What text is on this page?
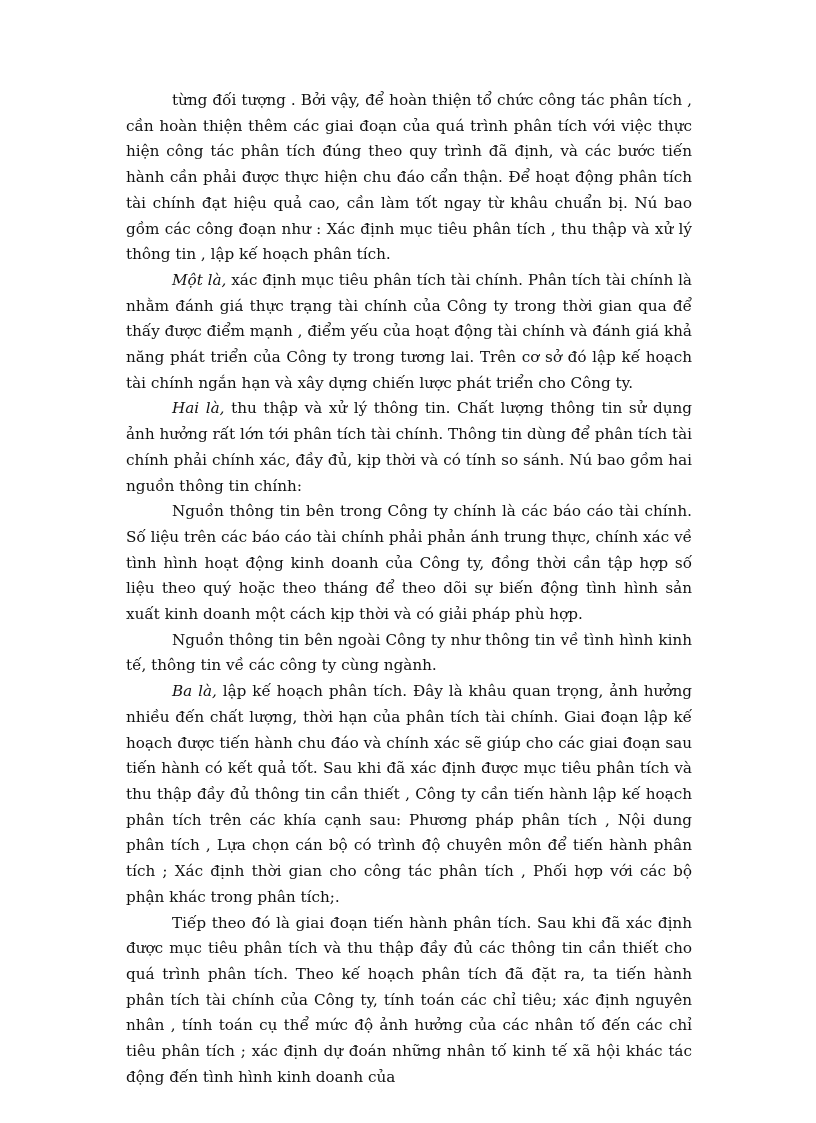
từng đối tượng . Bởi vậy, để hoàn thiện tổ chức công tác phân tích , cần hoàn thiện thêm các giai đoạn của quá trình phân tích với việc thực hiện công tác phân tích đúng theo quy trình đã định, và các bước tiến hành cần phải được thực hiện chu đáo cẩn thận. Để hoạt động phân tích tài chính đạt hiệu quả cao, cần làm tốt ngay từ khâu chuẩn bị. Nú bao gồm các công đoạn như : Xác định mục tiêu phân tích , thu thập và xử lý thông tin , lập kế hoạch phân tích.

Một là, xác định mục tiêu phân tích tài chính. Phân tích tài chính là nhằm đánh giá thực trạng tài chính của Công ty trong thời gian qua để thấy được điểm mạnh , điểm yếu của hoạt động tài chính và đánh giá khả năng phát triển của Công ty trong tương lai. Trên cơ sở đó lập kế hoạch tài chính ngắn hạn và xây dựng chiến lược phát triển cho Công ty.

Hai là, thu thập và xử lý thông tin. Chất lượng thông tin sử dụng ảnh hưởng rất lớn tới phân tích tài chính. Thông tin dùng để phân tích tài chính phải chính xác, đầy đủ, kịp thời và có tính so sánh. Nú bao gồm hai nguồn thông tin chính:

Nguồn thông tin bên trong Công ty chính là các báo cáo tài chính. Số liệu trên các báo cáo tài chính phải phản ánh trung thực, chính xác về tình hình hoạt động kinh doanh của Công ty, đồng thời cần tập hợp số liệu theo quý hoặc theo tháng để theo dõi sự biến động tình hình sản xuất kinh doanh một cách kịp thời và có giải pháp phù hợp.

Nguồn thông tin bên ngoài Công ty như thông tin về tình hình kinh tế, thông tin về các công ty cùng ngành.

Ba là, lập kế hoạch phân tích. Đây là khâu quan trọng, ảnh hưởng nhiều đến chất lượng, thời hạn của phân tích tài chính. Giai đoạn lập kế hoạch được tiến hành chu đáo và chính xác sẽ giúp cho các giai đoạn sau tiến hành có kết quả tốt. Sau khi đã xác định được mục tiêu phân tích và thu thập đầy đủ thông tin cần thiết , Công ty cần tiến hành lập kế hoạch phân tích trên các khía cạnh sau: Phương pháp phân tích , Nội dung phân tích , Lựa chọn cán bộ có trình độ chuyên môn để tiến hành phân tích ; Xác định thời gian cho công tác phân tích , Phối hợp với các bộ phận khác trong phân tích;.

Tiếp theo đó là giai đoạn tiến hành phân tích. Sau khi đã xác định được mục tiêu phân tích và thu thập đầy đủ các thông tin cần thiết cho quá trình phân tích. Theo kế hoạch phân tích đã đặt ra, ta tiến hành phân tích tài chính của Công ty, tính toán các chỉ tiêu; xác định nguyên nhân , tính toán cụ thể mức độ ảnh hưởng của các nhân tố đến các chỉ tiêu phân tích ; xác định dự đoán những nhân tố kinh tế xã hội khác tác động đến tình hình kinh doanh của
